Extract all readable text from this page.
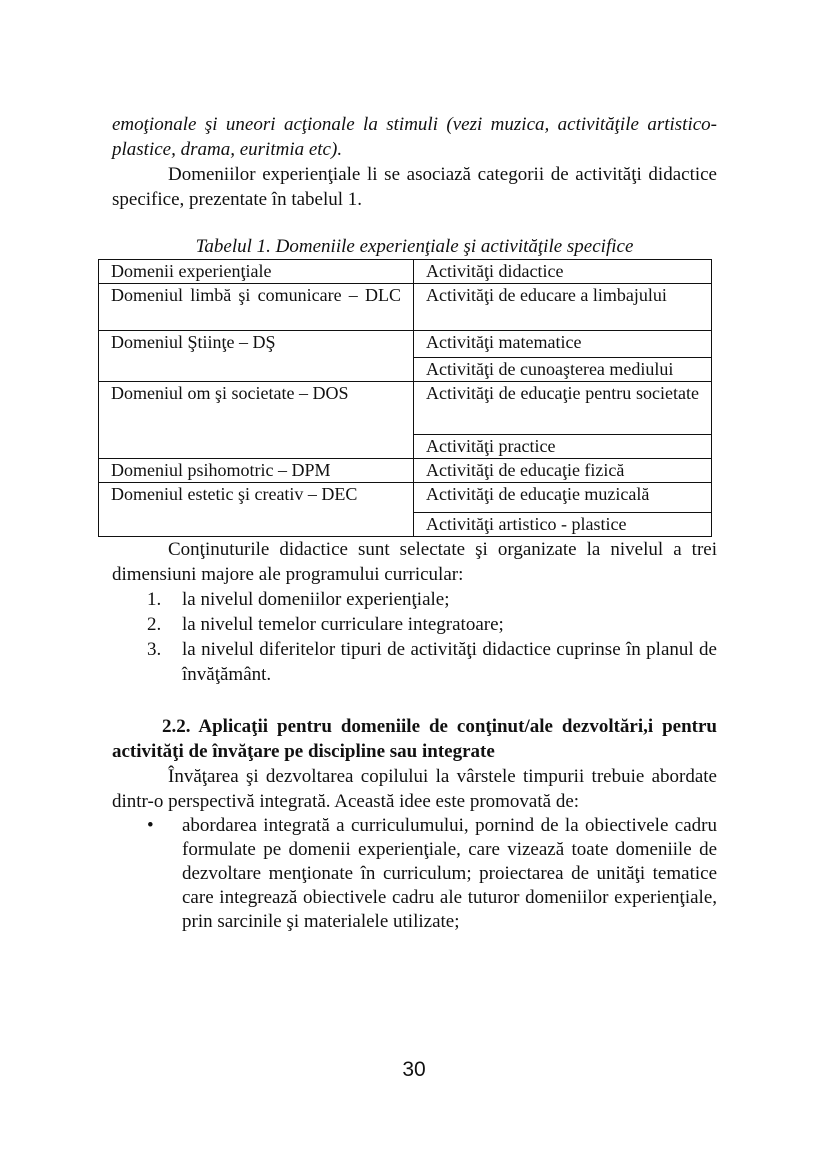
emoţionale şi uneori acţionale la stimuli (vezi muzica, activităţile artistico-plastice, drama, euritmia etc).

Domeniilor experienţiale li se asociază categorii de activităţi didactice specifice, prezentate în tabelul 1.

Tabelul 1. Domeniile experienţiale şi activităţile specifice
Domenii experienţiale	Activităţi didactice
Domeniul limbă şi comunicare – DLC	Activităţi de educare a limbajului
Domeniul Ştiinţe – DŞ	Activităţi matematice
	Activităţi de cunoaşterea mediului
Domeniul om şi societate – DOS	Activităţi de educaţie pentru societate
	Activităţi practice
Domeniul psihomotric – DPM	Activităţi de educaţie fizică
Domeniul estetic şi creativ – DEC	Activităţi de educaţie muzicală
	Activităţi artistico - plastice

Conţinuturile didactice sunt selectate şi organizate la nivelul a trei dimensiuni majore ale programului curricular:

1. la nivelul domeniilor experienţiale;
2. la nivelul temelor curriculare integratoare;
3. la nivelul diferitelor tipuri de activităţi didactice cuprinse în planul de învăţământ.

2.2. Aplicaţii pentru domeniile de conţinut/ale dezvoltări,i pentru activităţi de învăţare pe discipline sau integrate

Învăţarea şi dezvoltarea copilului la vârstele timpurii trebuie abordate dintr-o perspectivă integrată. Această idee este promovată de:

• abordarea integrată a curriculumului, pornind de la obiectivele cadru formulate pe domenii experienţiale, care vizează toate domeniile de dezvoltare menţionate în curriculum; proiectarea de unităţi tematice care integrează obiectivele cadru ale tuturor domeniilor experienţiale, prin sarcinile şi materialele utilizate;
30
